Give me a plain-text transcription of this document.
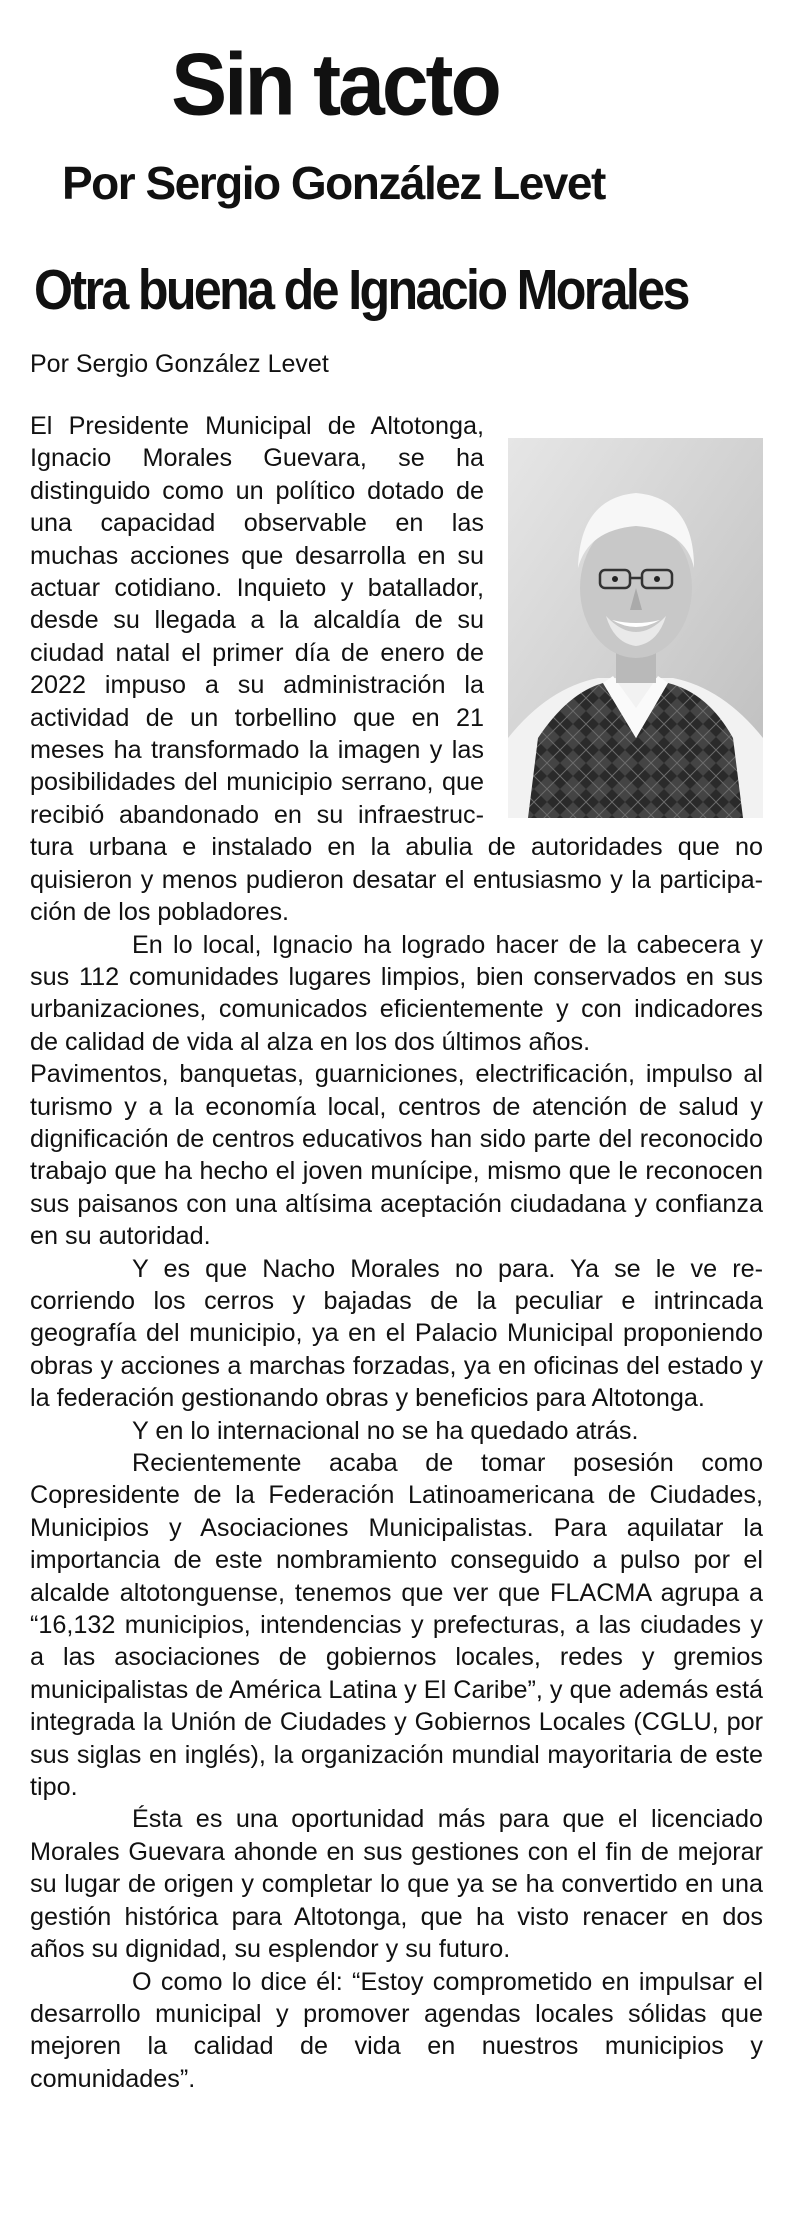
Sin tacto
Por Sergio González Levet
Otra buena de Ignacio Morales
Por Sergio González Levet

El Presidente Municipal de Altotonga, Ignacio Morales Guevara, se ha distinguido como un político dotado de una capacidad observable en las muchas acciones que desarrolla en su actuar cotidiano. Inquieto y batallador, desde su llegada a la alcaldía de su ciudad natal el primer día de enero de 2022 impuso a su administración la actividad de un torbellino que en 21 meses ha transformado la imagen y las posibilidades del municipio serrano, que recibió abandonado en su infraestructura urbana e instalado en la abulia de autoridades que no quisieron y menos pudieron desatar el entusiasmo y la participación de los pobladores.

En lo local, Ignacio ha logrado hacer de la cabecera y sus 112 comunidades lugares limpios, bien conservados en sus urbanizaciones, comunicados eficientemente y con indicadores de calidad de vida al alza en los dos últimos años.

Pavimentos, banquetas, guarniciones, electrificación, impulso al turismo y a la economía local, centros de atención de salud y dignificación de centros educativos han sido parte del reconocido trabajo que ha hecho el joven munícipe, mismo que le reconocen sus paisanos con una altísima aceptación ciudadana y confianza en su autoridad.

Y es que Nacho Morales no para. Ya se le ve recorriendo los cerros y bajadas de la peculiar e intrincada geografía del municipio, ya en el Palacio Municipal proponiendo obras y acciones a marchas forzadas, ya en oficinas del estado y la federación gestionando obras y beneficios para Altotonga.

Y en lo internacional no se ha quedado atrás.

Recientemente acaba de tomar posesión como Copresidente de la Federación Latinoamericana de Ciudades, Municipios y Asociaciones Municipalistas. Para aquilatar la importancia de este nombramiento conseguido a pulso por el alcalde altotonguense, tenemos que ver que FLACMA agrupa a “16,132 municipios, intendencias y prefecturas, a las ciudades y a las asociaciones de gobiernos locales, redes y gremios municipalistas de América Latina y El Caribe”, y que además está integrada la Unión de Ciudades y Gobiernos Locales (CGLU, por sus siglas en inglés), la organización mundial mayoritaria de este tipo.

Ésta es una oportunidad más para que el licenciado Morales Guevara ahonde en sus gestiones con el fin de mejorar su lugar de origen y completar lo que ya se ha convertido en una gestión histórica para Altotonga, que ha visto renacer en dos años su dignidad, su esplendor y su futuro.

O como lo dice él: “Estoy comprometido en impulsar el desarrollo municipal y promover agendas locales sólidas que mejoren la calidad de vida en nuestros municipios y comunidades”.
